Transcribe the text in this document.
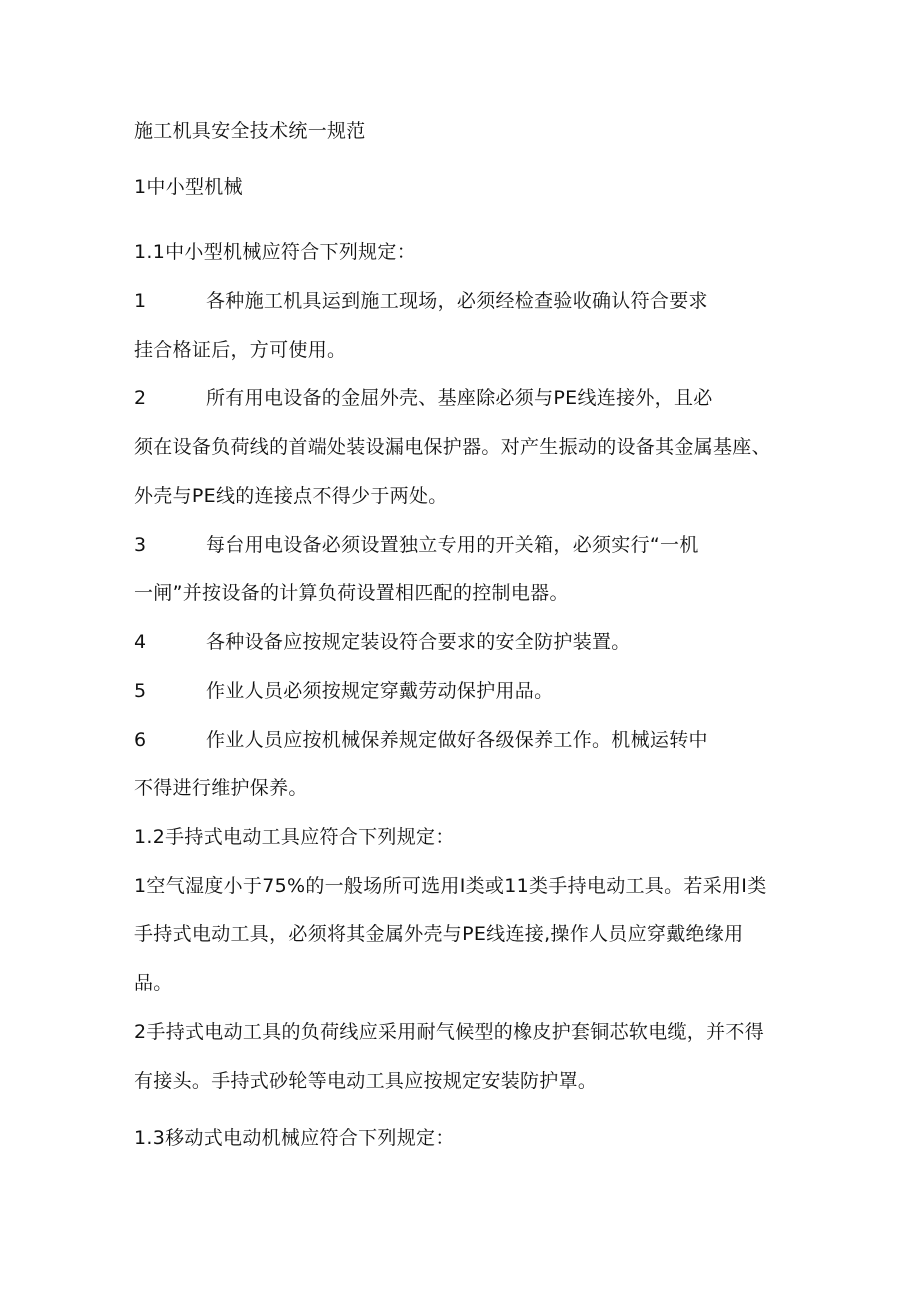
施工机具安全技术统一规范
1中小型机械
1.1中小型机械应符合下列规定：
1	各种施工机具运到施工现场，必须经检查验收确认符合要求
挂合格证后，方可使用。
2	所有用电设备的金屈外壳、基座除必须与PE线连接外，且必
须在设备负荷线的首端处装设漏电保护器。对产生振动的设备其金属基座、
外壳与PE线的连接点不得少于两处。
3	每台用电设备必须设置独立专用的开关箱，必须实行“一机
一闸”并按设备的计算负荷设置相匹配的控制电器。
4	各种设备应按规定装设符合要求的安全防护装置。
5	作业人员必须按规定穿戴劳动保护用品。
6	作业人员应按机械保养规定做好各级保养工作。机械运转中
不得进行维护保养。
1.2手持式电动工具应符合下列规定：
1空气湿度小于75%的一般场所可选用I类或11类手持电动工具。若采用I类
手持式电动工具，必须将其金属外壳与PE线连接,操作人员应穿戴绝缘用
品。
2手持式电动工具的负荷线应采用耐气候型的橡皮护套铜芯软电缆，并不得
有接头。手持式砂轮等电动工具应按规定安装防护罩。
1.3移动式电动机械应符合下列规定：
